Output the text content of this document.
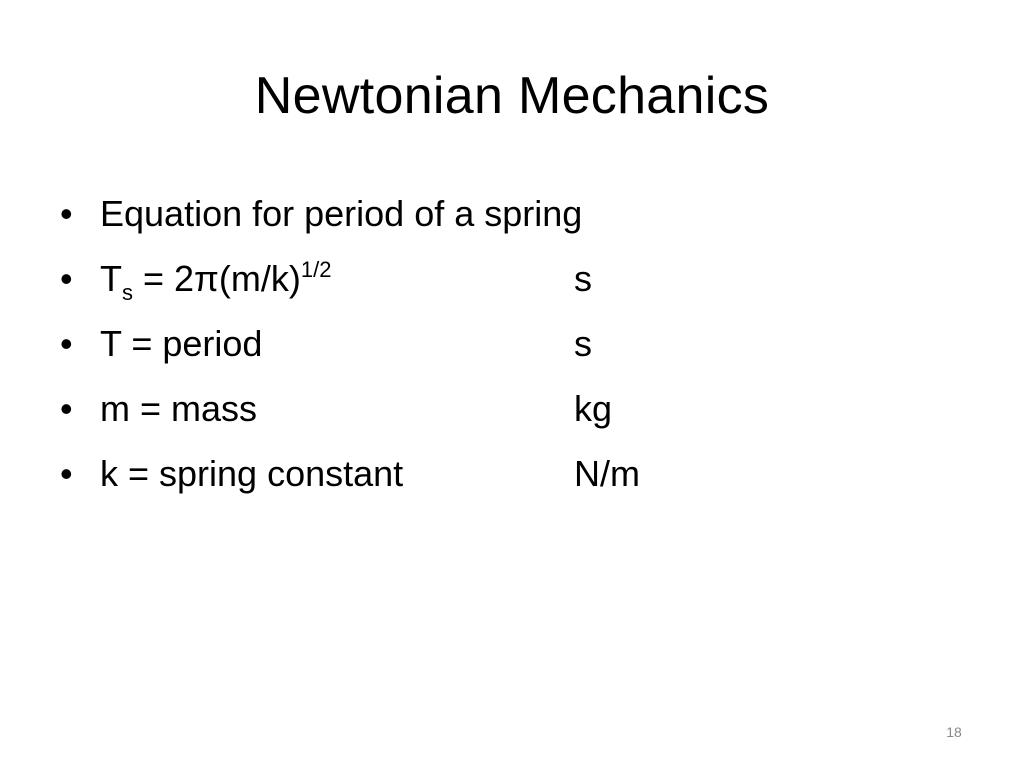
Newtonian Mechanics
• Equation for period of a spring
• $T_s = 2\pi(m/k)^{1/2}$	s
• T = period	s
• m = mass	kg
• k = spring constant	N/m
18
